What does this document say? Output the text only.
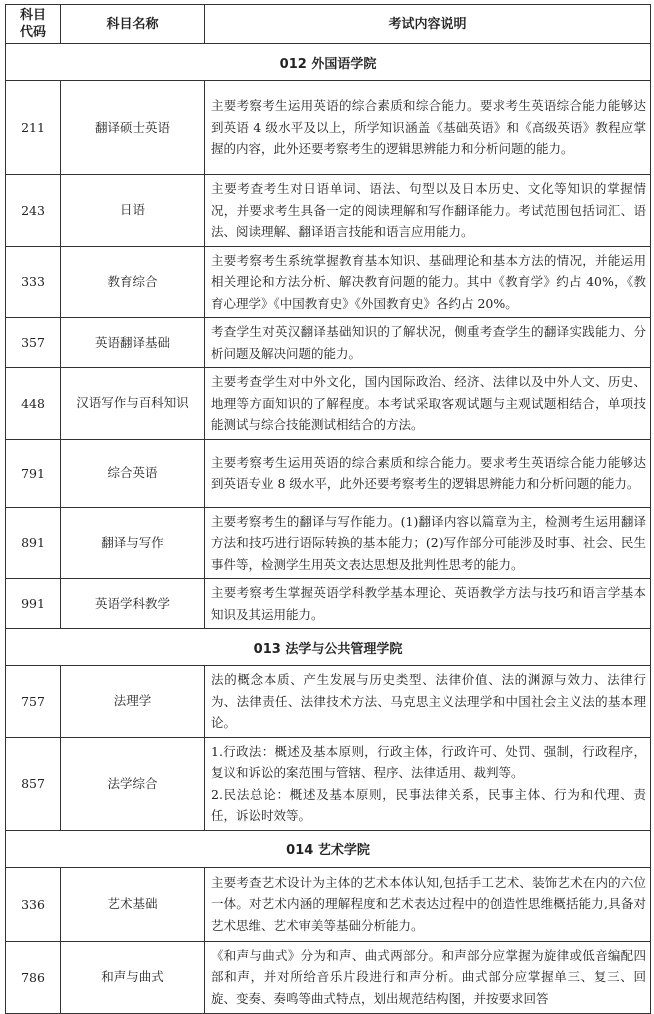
科目
代码	科目名称	考试内容说明
012 外国语学院		
211	翻译硕士英语	主要考察考生运用英语的综合素质和综合能力。要求考生英语综合能力能够达到英语 4 级水平及以上，所学知识涵盖《基础英语》和《高级英语》教程应掌握的内容，此外还要考察考生的逻辑思辨能力和分析问题的能力。
243	日语	主要考查考生对日语单词、语法、句型以及日本历史、文化等知识的掌握情况，并要求考生具备一定的阅读理解和写作翻译能力。考试范围包括词汇、语法、阅读理解、翻译语言技能和语言应用能力。
333	教育综合	主要考察考生系统掌握教育基本知识、基础理论和基本方法的情况，并能运用相关理论和方法分析、解决教育问题的能力。其中《教育学》约占 40%，《教育心理学》《中国教育史》《外国教育史》各约占 20%。
357	英语翻译基础	考查学生对英汉翻译基础知识的了解状况，侧重考查学生的翻译实践能力、分析问题及解决问题的能力。
448	汉语写作与百科知识	主要考查学生对中外文化，国内国际政治、经济、法律以及中外人文、历史、地理等方面知识的了解程度。本考试采取客观试题与主观试题相结合，单项技能测试与综合技能测试相结合的方法。
791	综合英语	主要考察考生运用英语的综合素质和综合能力。要求考生英语综合能力能够达到英语专业 8 级水平，此外还要考察考生的逻辑思辨能力和分析问题的能力。
891	翻译与写作	主要考察考生的翻译与写作能力。(1)翻译内容以篇章为主，检测考生运用翻译方法和技巧进行语际转换的基本能力；(2)写作部分可能涉及时事、社会、民生事件等，检测学生用英文表达思想及批判性思考的能力。
991	英语学科教学	主要考察考生掌握英语学科教学基本理论、英语教学方法与技巧和语言学基本知识及其运用能力。
013 法学与公共管理学院		
757	法理学	法的概念本质、产生发展与历史类型、法律价值、法的渊源与效力、法律行为、法律责任、法律技术方法、马克思主义法理学和中国社会主义法的基本理论。
857	法学综合	1.行政法：概述及基本原则，行政主体，行政许可、处罚、强制，行政程序，复议和诉讼的案范围与管辖、程序、法律适用、裁判等。
2.民法总论：概述及基本原则，民事法律关系，民事主体、行为和代理、责任，诉讼时效等。

014 艺术学院		
336	艺术基础	主要考查艺术设计为主体的艺术本体认知,包括手工艺术、装饰艺术在内的六位一体。对艺术内涵的理解程度和艺术表达过程中的创造性思维概括能力,具备对艺术思维、艺术审美等基础分析能力。
786	和声与曲式	《和声与曲式》分为和声、曲式两部分。和声部分应掌握为旋律或低音编配四部和声，并对所给音乐片段进行和声分析。曲式部分应掌握单三、复三、回旋、变奏、奏鸣等曲式特点，划出规范结构图，并按要求回答
